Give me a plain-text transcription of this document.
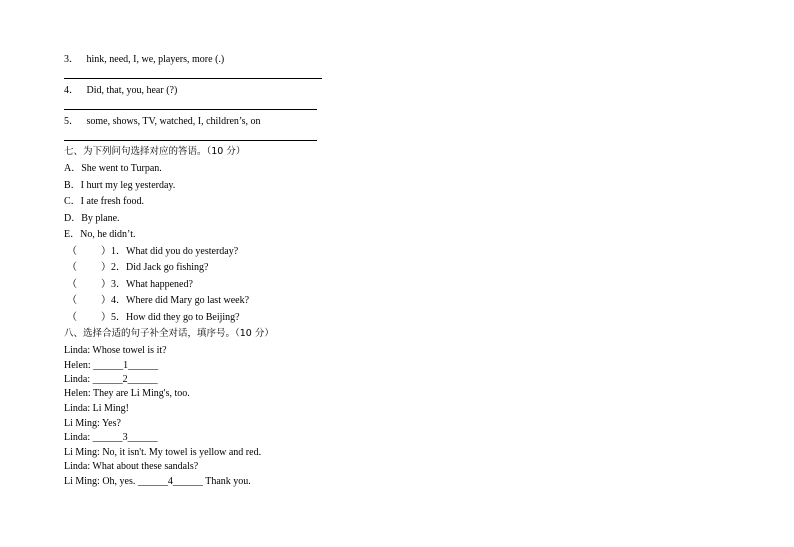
3．   hink, need, I, we, players, more (.)
4．   Did, that, you, hear (?)
5．   some, shows, TV, watched, I, children’s, on
七、为下列问句选择对应的答语。（10 分）
A．She went to Turpan.
B．I hurt my leg yesterday.
C．I ate fresh food.
D．By plane.
E．No, he didn’t.
（ ）1．What did you do yesterday?
（ ）2．Did Jack go fishing?
（ ）3．What happened?
（ ）4．Where did Mary go last week?
（ ）5．How did they go to Beijing?
八、选择合适的句子补全对话，填序号。（10 分）
Linda: Whose towel is it?
Helen: ______1______
Linda: ______2______
Helen: They are Li Ming's, too.
Linda: Li Ming!
Li Ming: Yes?
Linda: ______3______
Li Ming: No, it isn't. My towel is yellow and red.
Linda: What about these sandals?
Li Ming: Oh, yes. ______4______ Thank you.
